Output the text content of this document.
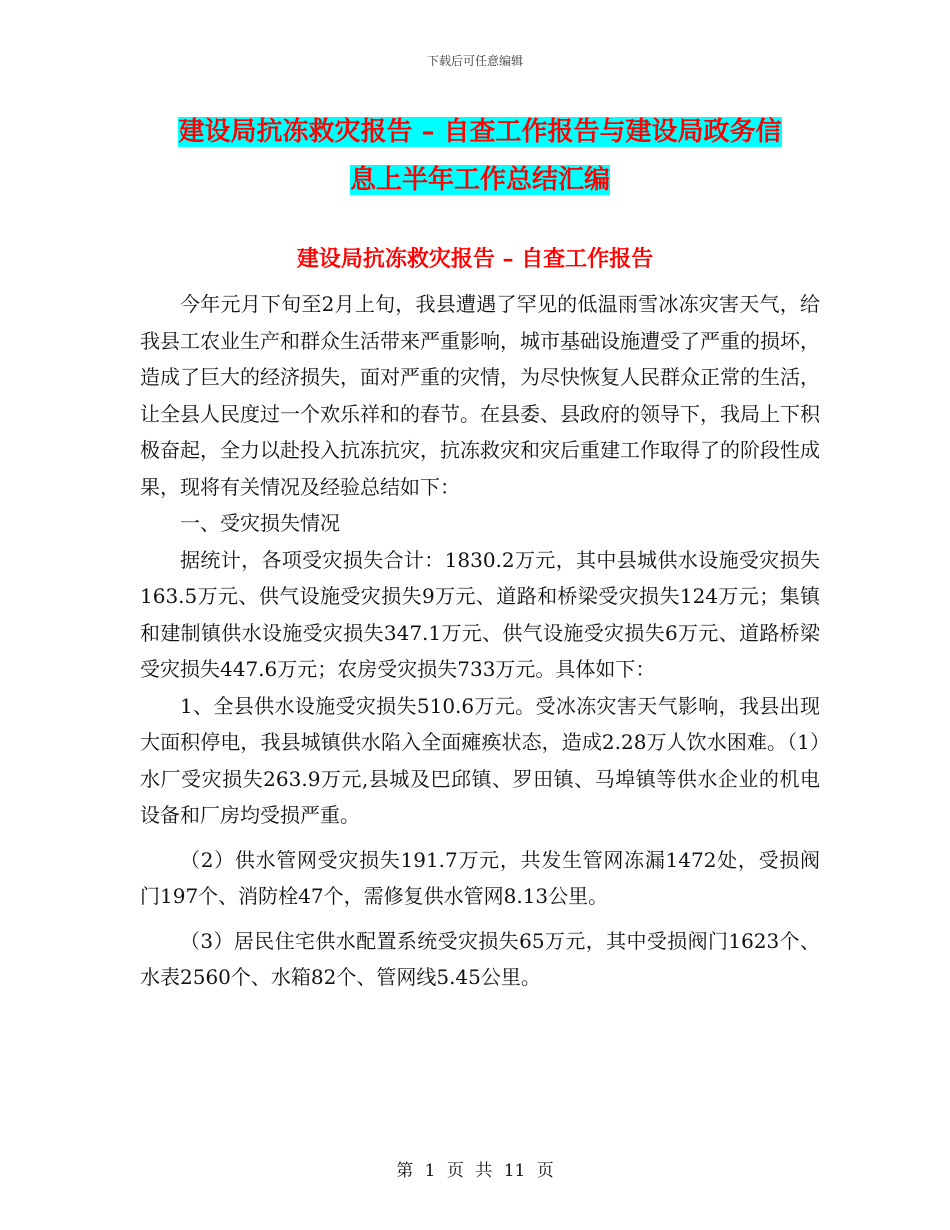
下载后可任意编辑
建设局抗冻救灾报告 – 自查工作报告与建设局政务信
息上半年工作总结汇编
建设局抗冻救灾报告 – 自查工作报告

今年元月下旬至2月上旬，我县遭遇了罕见的低温雨雪冰冻灾害天气，给我县工农业生产和群众生活带来严重影响，城市基础设施遭受了严重的损坏，造成了巨大的经济损失，面对严重的灾情，为尽快恢复人民群众正常的生活，让全县人民度过一个欢乐祥和的春节。在县委、县政府的领导下，我局上下积极奋起，全力以赴投入抗冻抗灾，抗冻救灾和灾后重建工作取得了的阶段性成果，现将有关情况及经验总结如下：

一、受灾损失情况

据统计，各项受灾损失合计：1830.2万元，其中县城供水设施受灾损失163.5万元、供气设施受灾损失9万元、道路和桥梁受灾损失124万元；集镇和建制镇供水设施受灾损失347.1万元、供气设施受灾损失6万元、道路桥梁受灾损失447.6万元；农房受灾损失733万元。具体如下：

1、全县供水设施受灾损失510.6万元。受冰冻灾害天气影响，我县出现大面积停电，我县城镇供水陷入全面瘫痪状态，造成2.28万人饮水困难。（1）水厂受灾损失263.9万元,县城及巴邱镇、罗田镇、马埠镇等供水企业的机电设备和厂房均受损严重。

（2）供水管网受灾损失191.7万元，共发生管网冻漏1472处，受损阀门197个、消防栓47个，需修复供水管网8.13公里。

（3）居民住宅供水配置系统受灾损失65万元，其中受损阀门1623个、水表2560个、水箱82个、管网线5.45公里。

第 1 页 共 11 页
